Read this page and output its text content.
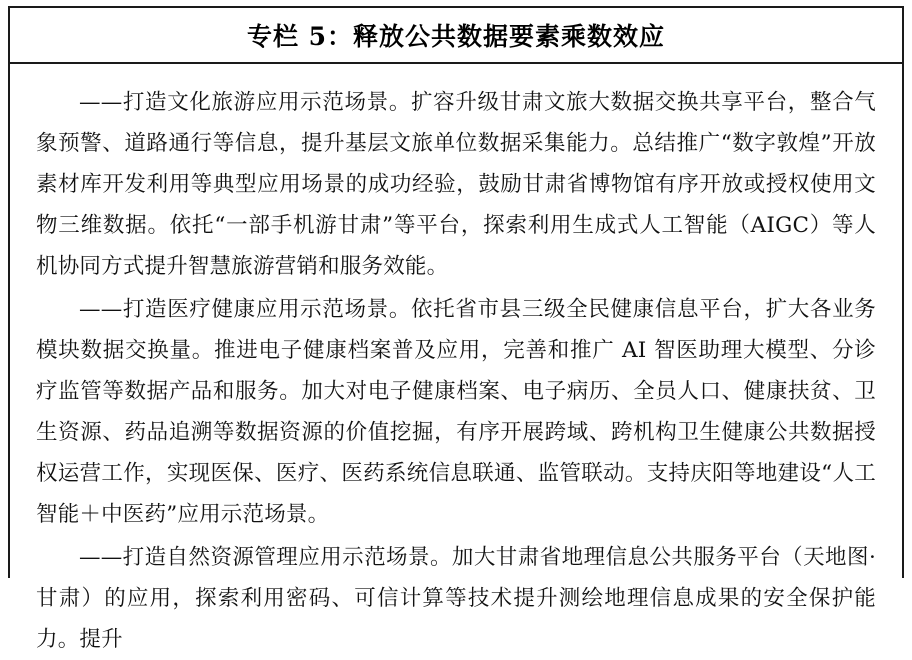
专栏 5：释放公共数据要素乘数效应

——打造文化旅游应用示范场景。扩容升级甘肃文旅大数据交换共享平台，整合气象预警、道路通行等信息，提升基层文旅单位数据采集能力。总结推广“数字敦煌”开放素材库开发利用等典型应用场景的成功经验，鼓励甘肃省博物馆有序开放或授权使用文物三维数据。依托“一部手机游甘肃”等平台，探索利用生成式人工智能（AIGC）等人机协同方式提升智慧旅游营销和服务效能。

——打造医疗健康应用示范场景。依托省市县三级全民健康信息平台，扩大各业务模块数据交换量。推进电子健康档案普及应用，完善和推广 AI 智医助理大模型、分诊疗监管等数据产品和服务。加大对电子健康档案、电子病历、全员人口、健康扶贫、卫生资源、药品追溯等数据资源的价值挖掘，有序开展跨域、跨机构卫生健康公共数据授权运营工作，实现医保、医疗、医药系统信息联通、监管联动。支持庆阳等地建设“人工智能＋中医药”应用示范场景。

——打造自然资源管理应用示范场景。加大甘肃省地理信息公共服务平台（天地图·甘肃）的应用，探索利用密码、可信计算等技术提升测绘地理信息成果的安全保护能力。提升
